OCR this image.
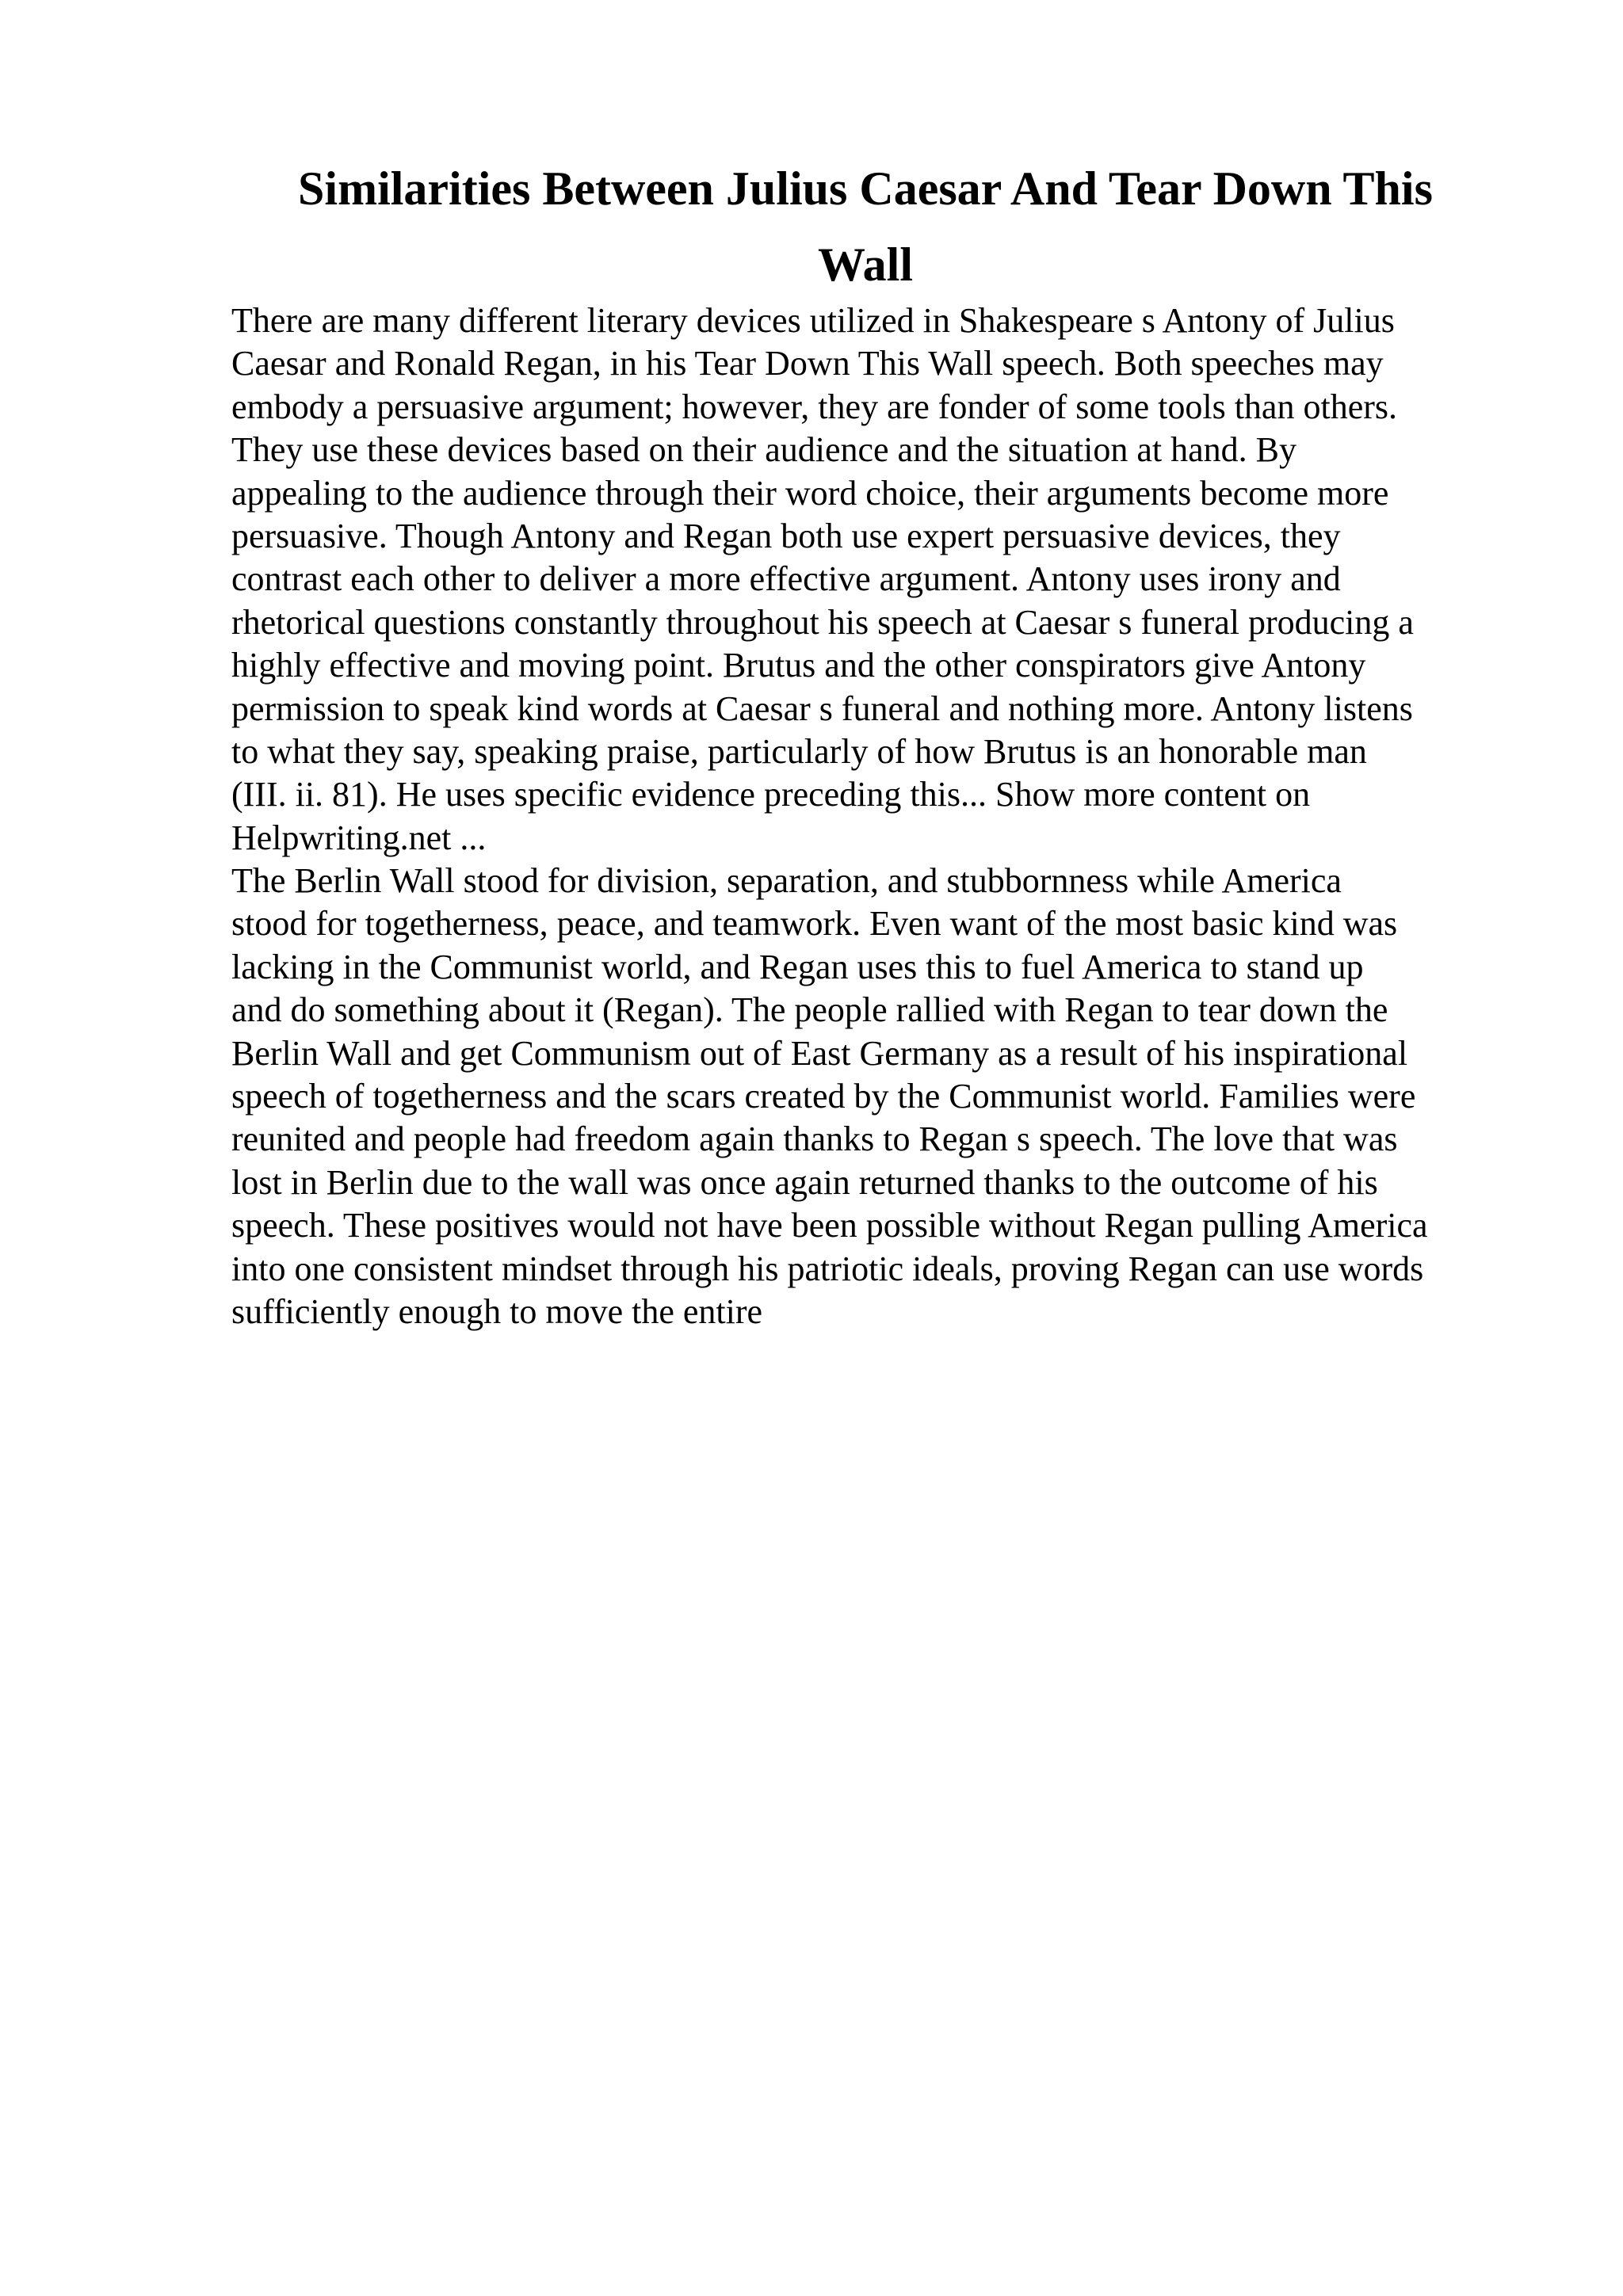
Similarities Between Julius Caesar And Tear Down This
Wall
There are many different literary devices utilized in Shakespeare s Antony of Julius
Caesar and Ronald Regan, in his Tear Down This Wall speech. Both speeches may
embody a persuasive argument; however, they are fonder of some tools than others.
They use these devices based on their audience and the situation at hand. By
appealing to the audience through their word choice, their arguments become more
persuasive. Though Antony and Regan both use expert persuasive devices, they
contrast each other to deliver a more effective argument. Antony uses irony and
rhetorical questions constantly throughout his speech at Caesar s funeral producing a
highly effective and moving point. Brutus and the other conspirators give Antony
permission to speak kind words at Caesar s funeral and nothing more. Antony listens
to what they say, speaking praise, particularly of how Brutus is an honorable man
(III. ii. 81). He uses specific evidence preceding this... Show more content on
Helpwriting.net ...
The Berlin Wall stood for division, separation, and stubbornness while America
stood for togetherness, peace, and teamwork. Even want of the most basic kind was
lacking in the Communist world, and Regan uses this to fuel America to stand up
and do something about it (Regan). The people rallied with Regan to tear down the
Berlin Wall and get Communism out of East Germany as a result of his inspirational
speech of togetherness and the scars created by the Communist world. Families were
reunited and people had freedom again thanks to Regan s speech. The love that was
lost in Berlin due to the wall was once again returned thanks to the outcome of his
speech. These positives would not have been possible without Regan pulling America
into one consistent mindset through his patriotic ideals, proving Regan can use words
sufficiently enough to move the entire
